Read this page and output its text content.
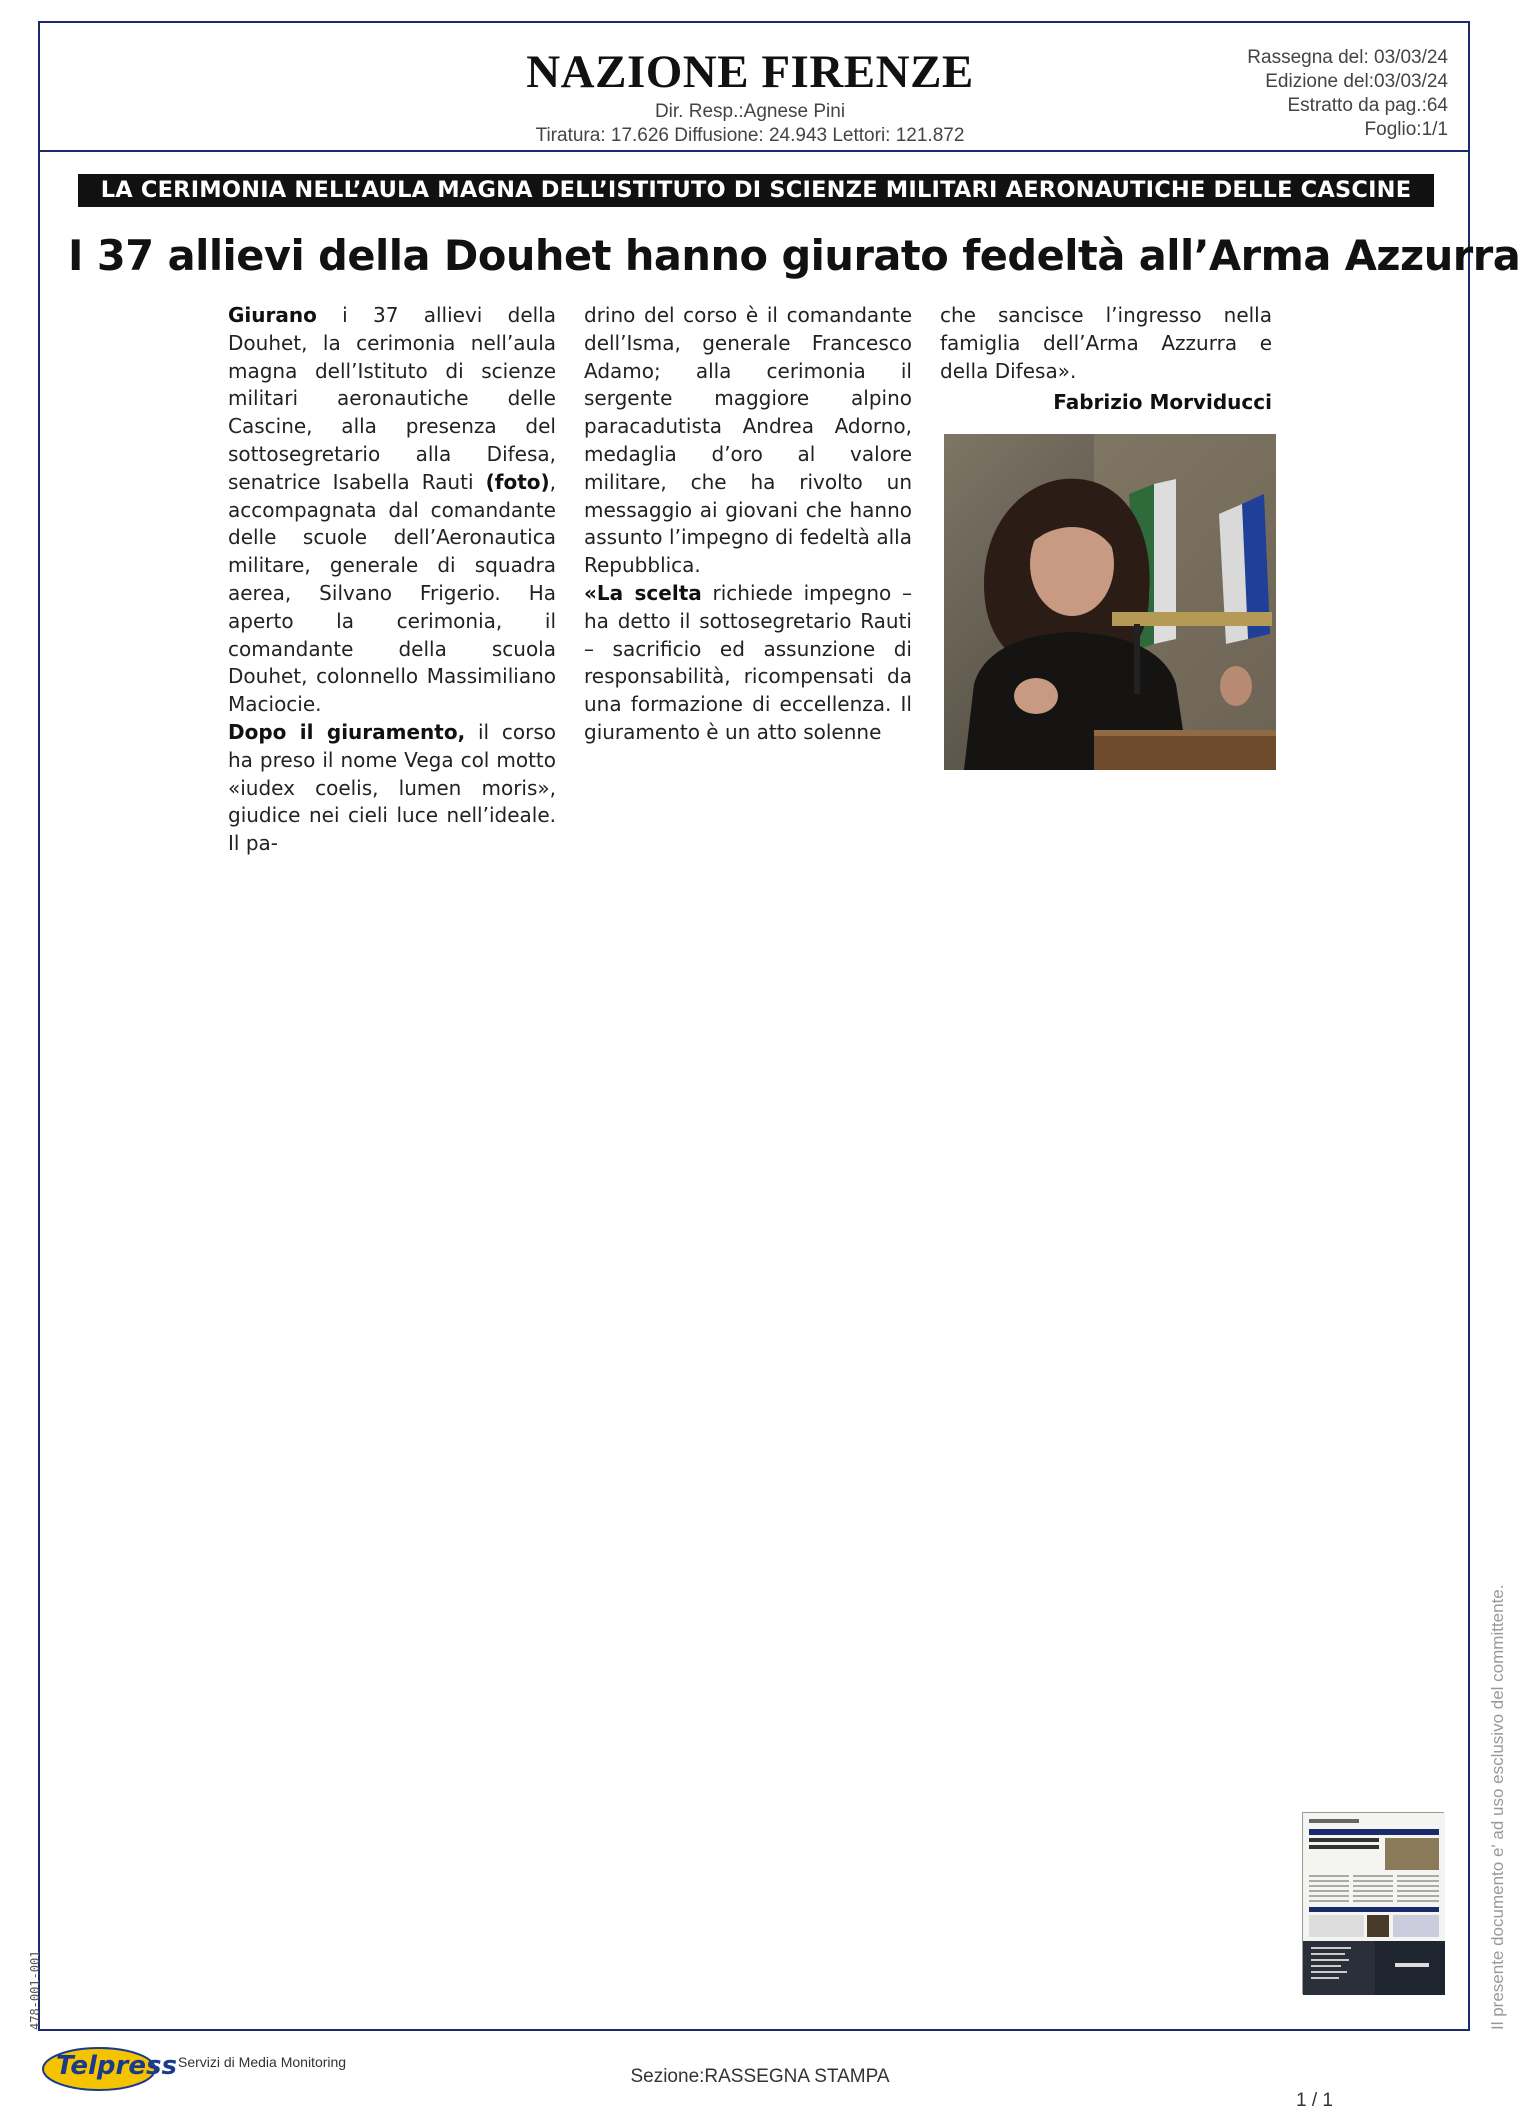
NAZIONE FIRENZE
Dir. Resp.:Agnese Pini
Tiratura: 17.626 Diffusione: 24.943 Lettori: 121.872
Rassegna del: 03/03/24
Edizione del:03/03/24
Estratto da pag.:64
Foglio:1/1
LA CERIMONIA NELL’AULA MAGNA DELL’ISTITUTO DI SCIENZE MILITARI AERONAUTICHE DELLE CASCINE
I 37 allievi della Douhet hanno giurato fedeltà all’Arma Azzurra

Giurano i 37 allievi della Douhet, la cerimonia nell’aula magna dell’Istituto di scienze militari aeronautiche delle Cascine, alla presenza del sottosegretario alla Difesa, senatrice Isabella Rauti (foto), accompagnata dal comandante delle scuole dell’Aeronautica militare, generale di squadra aerea, Silvano Frigerio. Ha aperto la cerimonia, il comandante della scuola Douhet, colonnello Massimiliano Maciocie.

Dopo il giuramento, il corso ha preso il nome Vega col motto «iudex coelis, lumen moris», giudice nei cieli luce nell’ideale. Il pa-

drino del corso è il comandante dell’Isma, generale Francesco Adamo; alla cerimonia il sergente maggiore alpino paracadutista Andrea Adorno, medaglia d’oro al valore militare, che ha rivolto un messaggio ai giovani che hanno assunto l’impegno di fedeltà alla Repubblica.

«La scelta richiede impegno – ha detto il sottosegretario Rauti – sacrificio ed assunzione di responsabilità, ricompensati da una formazione di eccellenza. Il giuramento è un atto solenne

che sancisce l’ingresso nella famiglia dell’Arma Azzurra e della Difesa».

Fabrizio Morviducci
Il presente documento e' ad uso esclusivo del committente.
478-001-001
Telpress Servizi di Media Monitoring
Sezione:RASSEGNA STAMPA
1 / 1
